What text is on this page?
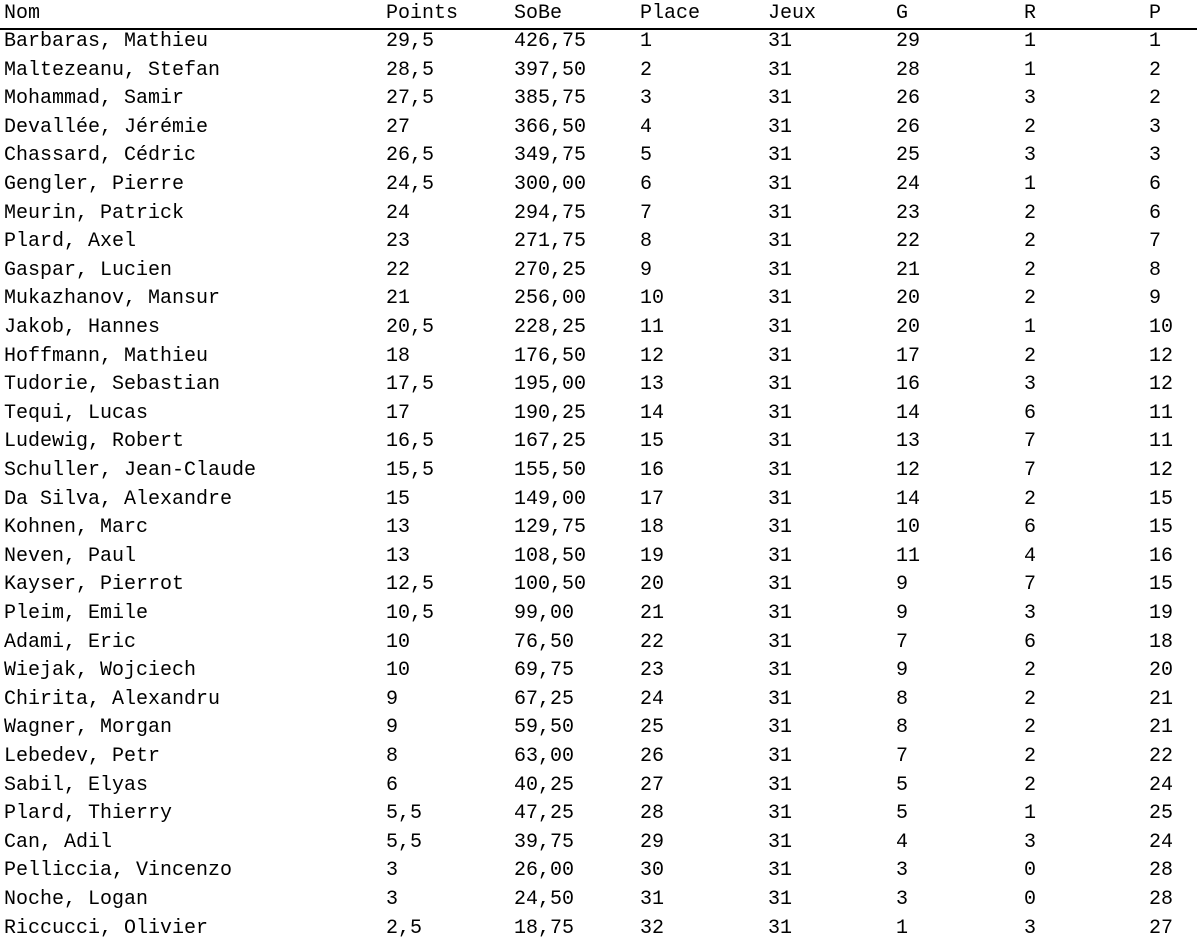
Nom	Points	SoBe	Place	Jeux	G	R	P
Barbaras, Mathieu	29,5	426,75	1	31	29	1	1
Maltezeanu, Stefan	28,5	397,50	2	31	28	1	2
Mohammad, Samir	27,5	385,75	3	31	26	3	2
Devallée, Jérémie	27	366,50	4	31	26	2	3
Chassard, Cédric	26,5	349,75	5	31	25	3	3
Gengler, Pierre	24,5	300,00	6	31	24	1	6
Meurin, Patrick	24	294,75	7	31	23	2	6
Plard, Axel	23	271,75	8	31	22	2	7
Gaspar, Lucien	22	270,25	9	31	21	2	8
Mukazhanov, Mansur	21	256,00	10	31	20	2	9
Jakob, Hannes	20,5	228,25	11	31	20	1	10
Hoffmann, Mathieu	18	176,50	12	31	17	2	12
Tudorie, Sebastian	17,5	195,00	13	31	16	3	12
Tequi, Lucas	17	190,25	14	31	14	6	11
Ludewig, Robert	16,5	167,25	15	31	13	7	11
Schuller, Jean-Claude	15,5	155,50	16	31	12	7	12
Da Silva, Alexandre	15	149,00	17	31	14	2	15
Kohnen, Marc	13	129,75	18	31	10	6	15
Neven, Paul	13	108,50	19	31	11	4	16
Kayser, Pierrot	12,5	100,50	20	31	9	7	15
Pleim, Emile	10,5	99,00	21	31	9	3	19
Adami, Eric	10	76,50	22	31	7	6	18
Wiejak, Wojciech	10	69,75	23	31	9	2	20
Chirita, Alexandru	9	67,25	24	31	8	2	21
Wagner, Morgan	9	59,50	25	31	8	2	21
Lebedev, Petr	8	63,00	26	31	7	2	22
Sabil, Elyas	6	40,25	27	31	5	2	24
Plard, Thierry	5,5	47,25	28	31	5	1	25
Can, Adil	5,5	39,75	29	31	4	3	24
Pelliccia, Vincenzo	3	26,00	30	31	3	0	28
Noche, Logan	3	24,50	31	31	3	0	28
Riccucci, Olivier	2,5	18,75	32	31	1	3	27
